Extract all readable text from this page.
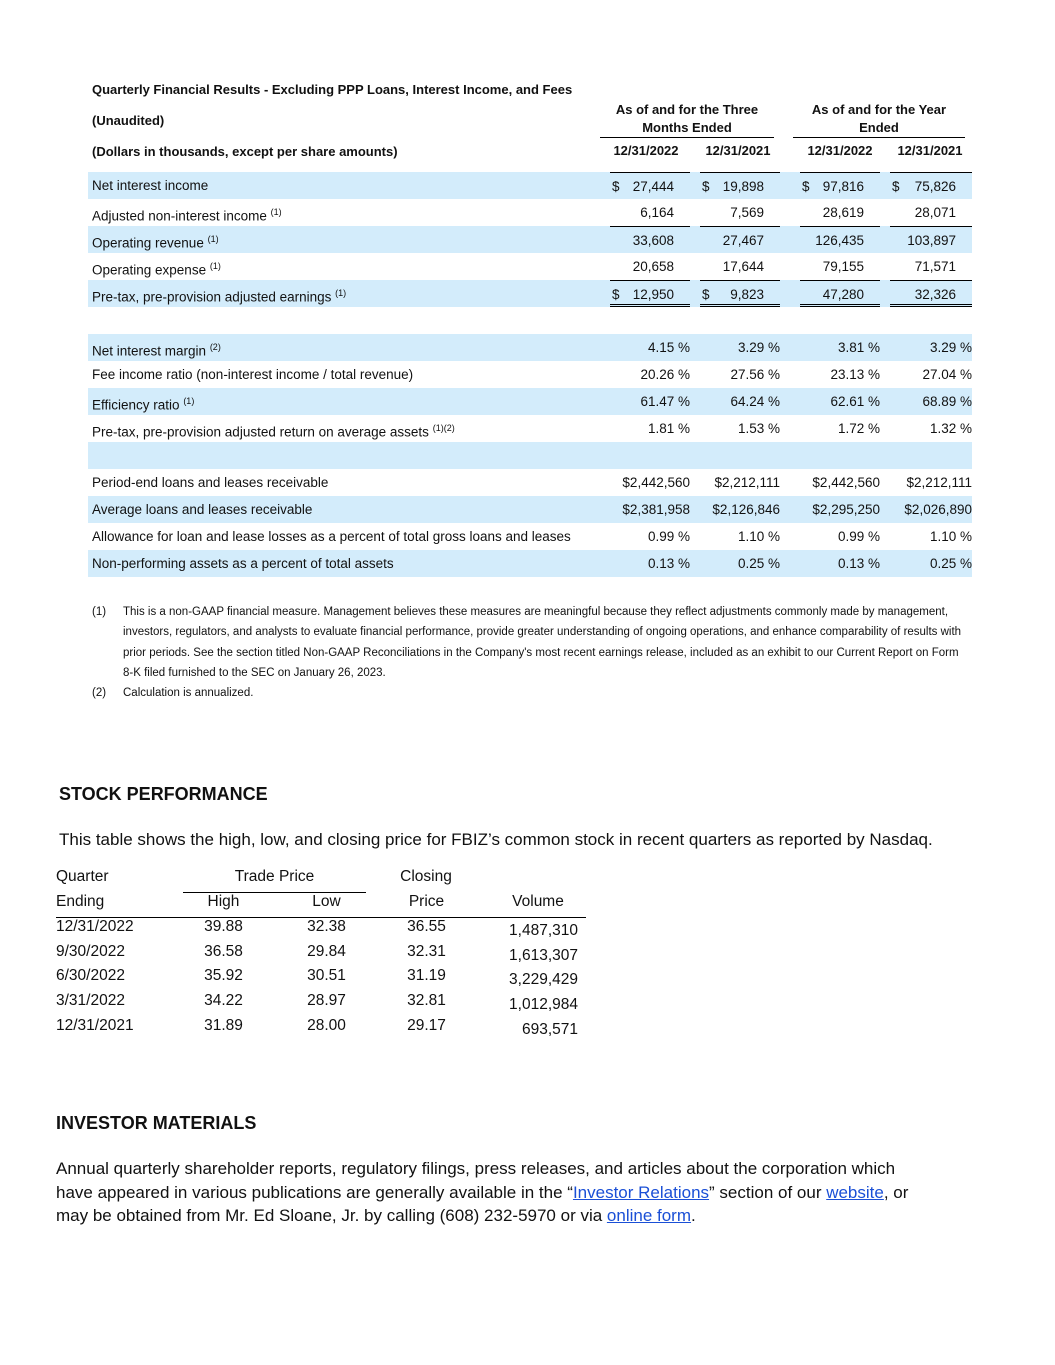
Quarterly Financial Results - Excluding PPP Loans, Interest Income, and Fees
(Unaudited)
(Dollars in thousands, except per share amounts)
As of and for the Three Months Ended
As of and for the Year Ended
12/31/2022	12/31/2021	12/31/2022	12/31/2021
Net interest income	$ 27,444	$ 19,898	$ 97,816	$ 75,826
Adjusted non-interest income $^{(1)}$	6,164	7,569	28,619	28,071
Operating revenue $^{(1)}$	33,608	27,467	126,435	103,897
Operating expense $^{(1)}$	20,658	17,644	79,155	71,571
Pre-tax, pre-provision adjusted earnings $^{(1)}$	$ 12,950	$ 9,823	47,280	32,326
Net interest margin $^{(2)}$	4.15 %	3.29 %	3.81 %	3.29 %
Fee income ratio (non-interest income / total revenue)	20.26 %	27.56 %	23.13 %	27.04 %
Efficiency ratio $^{(1)}$	61.47 %	64.24 %	62.61 %	68.89 %
Pre-tax, pre-provision adjusted return on average assets $^{(1)(2)}$	1.81 %	1.53 %	1.72 %	1.32 %
Period-end loans and leases receivable	$2,442,560	$2,212,111	$2,442,560	$2,212,111
Average loans and leases receivable	$2,381,958	$2,126,846	$2,295,250	$2,026,890
Allowance for loan and lease losses as a percent of total gross loans and leases	0.99 %	1.10 %	0.99 %	1.10 %
Non-performing assets as a percent of total assets	0.13 %	0.25 %	0.13 %	0.25 %
(1) This is a non-GAAP financial measure. Management believes these measures are meaningful because they reflect adjustments commonly made by management, investors, regulators, and analysts to evaluate financial performance, provide greater understanding of ongoing operations, and enhance comparability of results with prior periods. See the section titled Non-GAAP Reconciliations in the Company's most recent earnings release, included as an exhibit to our Current Report on Form 8-K filed furnished to the SEC on January 26, 2023.
(2) Calculation is annualized.
STOCK PERFORMANCE
This table shows the high, low, and closing price for FBIZ’s common stock in recent quarters as reported by Nasdaq.
Quarter	Trade Price	Closing
Ending	High	Low	Price	Volume
12/31/2022	39.88	32.38	36.55	1,487,310
9/30/2022	36.58	29.84	32.31	1,613,307
6/30/2022	35.92	30.51	31.19	3,229,429
3/31/2022	34.22	28.97	32.81	1,012,984
12/31/2021	31.89	28.00	29.17	693,571
INVESTOR MATERIALS
Annual quarterly shareholder reports, regulatory filings, press releases, and articles about the corporation which have appeared in various publications are generally available in the “Investor Relations” section of our website, or may be obtained from Mr. Ed Sloane, Jr. by calling (608) 232-5970 or via online form.
